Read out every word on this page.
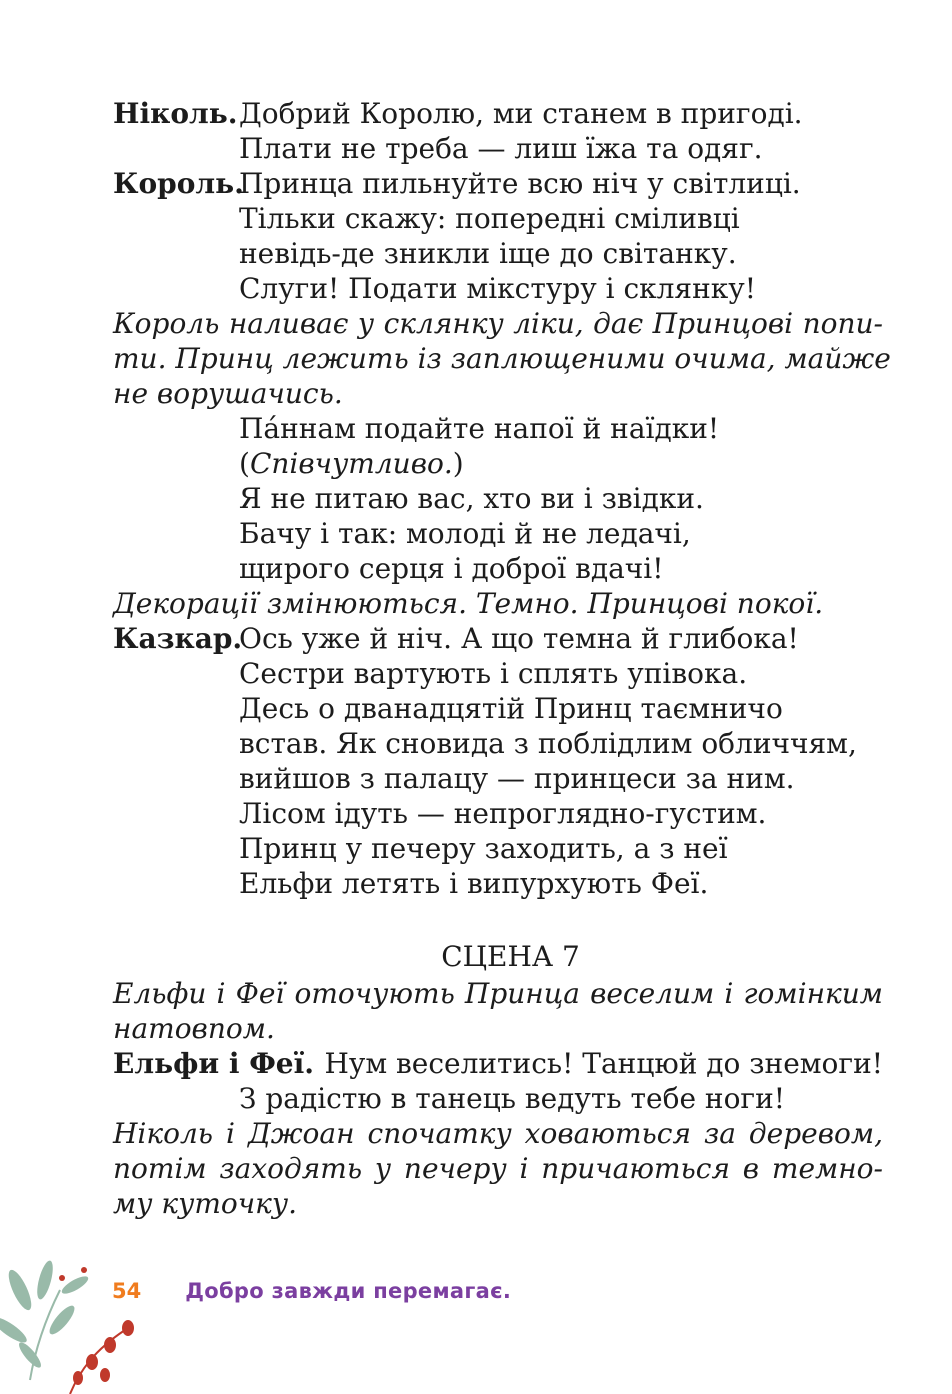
Ніколь. Добрий Королю, ми станем в пригоді.
Плати не треба — лиш їжа та одяг.
Король.
Принца пильнуйте всю ніч у світлиці.
Тільки скажу: попередні сміливці
невідь-де зникли іще до світанку.
Слуги! Подати мікстуру і склянку!
Король наливає у склянку ліки, дає Принцові попи-
ти. Принц лежить із заплющеними очима, майже
не ворушачись.
Па́ннам подайте напої й наїдки!
( Співчутливо. )
Я не питаю вас, хто ви і звідки.
Бачу і так: молоді й не ледачі,
щирого серця і доброї вдачі!
Декорації змінюються. Темно. Принцові покої.
Казкар.
Ось уже й ніч. А що темна й глибока!
Сестри вартують і сплять упівока.
Десь о дванадцятій Принц таємничо
встав. Як сновида з поблідлим обличчям,
вийшов з палацу — принцеси за ним.
Лісом ідуть — непроглядно-густим.
Принц у печеру заходить, а з неї
Ельфи летять і випурхують Феї.
СЦЕНА 7
Ельфи і Феї оточують Принца веселим і гомінким
натовпом.
Ельфи і Феї. Нум веселитись! Танцюй до знемоги!
З радістю в танець ведуть тебе ноги!
Ніколь і Джоан спочатку ховаються за деревом,
потім заходять у печеру і причаються в темно-
му куточку.
54 Добро завжди перемагає.
